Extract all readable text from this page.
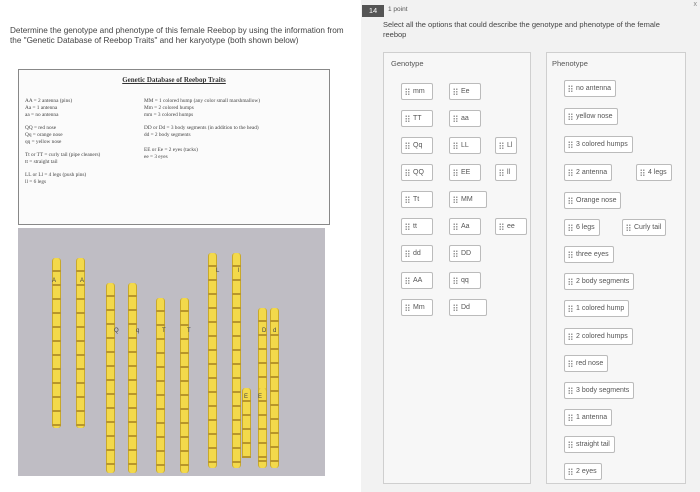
Determine the genotype and phenotype of this female Reebop by using the information from the "Genetic Database of Reebop Traits" and her karyotype (both shown below)
Genetic Database of Reebop Traits
AA = 2 antenna (pins)
Aa = 1 antenna
aa = no antenna
QQ = red nose
Qq = orange nose
qq = yellow nose
Tt or TT = curly tail (pipe cleaners)
tt = straight tail
LL or Ll = 4 legs (push pins)
ll = 6 legs
MM = 1 colored hump (any color small marshmallow)
Mm = 2 colored humps
mm = 3 colored humps
DD or Dd = 3 body segments (in addition to the head)
dd = 2 body segments
EE or Ee = 2 eyes (tacks)
ee = 3 eyes
A	A
Q	q	T	T
L	l
D d
E E
14	1 point
x
Select all the options that could describe the genotype and phenotype of the female reebop
Genotype	Phenotype
mm	Ee
TT	aa
Qq	LL	Ll
QQ	EE	ll
Tt	MM
tt	Aa	ee
dd	DD
AA	qq
Mm	Dd
no antenna
yellow nose
3 colored humps
2 antenna	4 legs
Orange nose
6 legs	Curly tail
three eyes
2 body segments
1 colored hump
2 colored humps
red nose
3 body segments
1 antenna
straight tail
2 eyes
